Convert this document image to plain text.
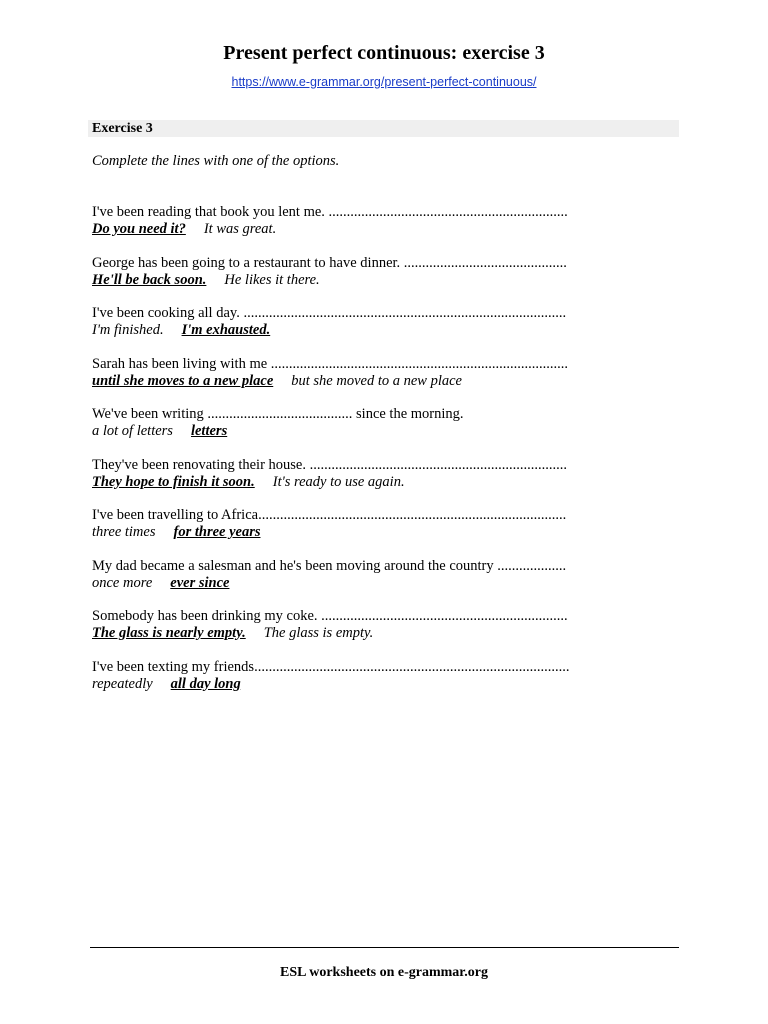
Present perfect continuous: exercise 3
https://www.e-grammar.org/present-perfect-continuous/
Exercise 3
Complete the lines with one of the options.
I've been reading that book you lent me. ..................................................................
Do you need it? It was great.
George has been going to a restaurant to have dinner. .............................................
He'll be back soon. He likes it there.
I've been cooking all day. .........................................................................................
I'm finished. I'm exhausted.
Sarah has been living with me ..................................................................................
until she moves to a new place but she moved to a new place
We've been writing ........................................ since the morning.
a lot of letters letters
They've been renovating their house. .......................................................................
They hope to finish it soon. It's ready to use again.
I've been travelling to Africa.....................................................................................
three times for three years
My dad became a salesman and he's been moving around the country ...................
once more ever since
Somebody has been drinking my coke. ....................................................................
The glass is nearly empty. The glass is empty.
I've been texting my friends.......................................................................................
repeatedly all day long
ESL worksheets on e-grammar.org
